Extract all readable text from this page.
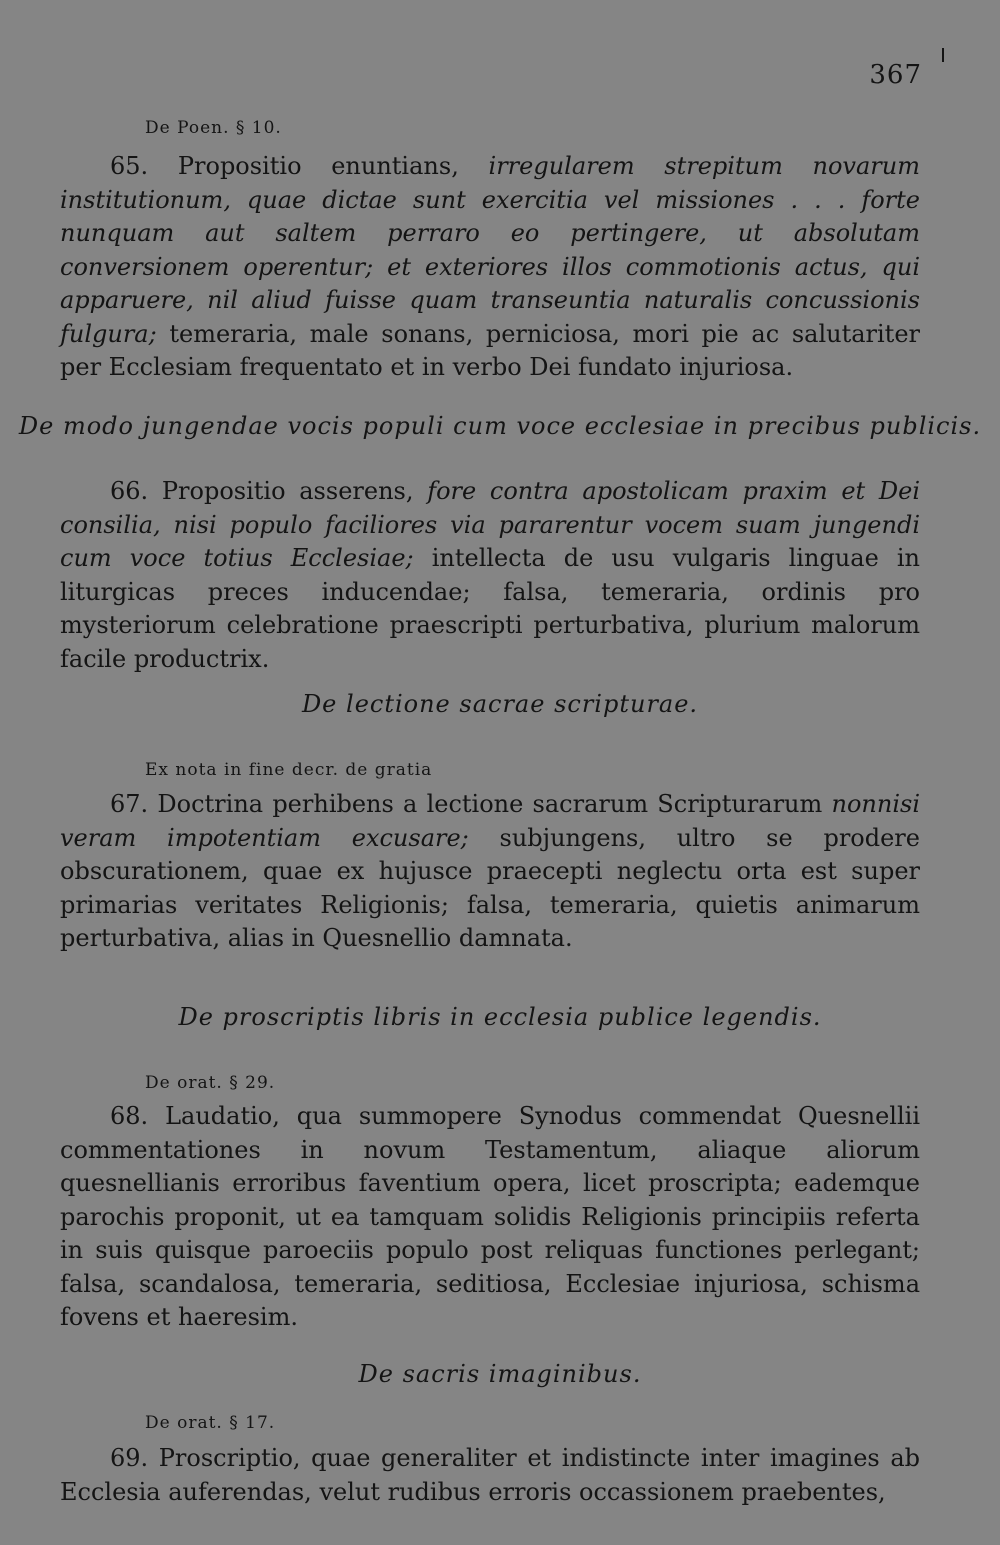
367
De Poen. § 10.

65. Propositio enuntians, irregularem strepitum novarum institutionum, quae dictae sunt exercitia vel missiones . . . forte nunquam aut saltem perraro eo pertingere, ut absolutam conversionem operentur; et exteriores illos commotionis actus, qui apparuere, nil aliud fuisse quam transeuntia naturalis concussionis fulgura; temeraria, male sonans, perniciosa, mori pie ac salutariter per Ecclesiam frequentato et in verbo Dei fundato injuriosa.

De modo jungendae vocis populi cum voce ecclesiae in precibus publicis.

66. Propositio asserens, fore contra apostolicam praxim et Dei consilia, nisi populo faciliores via pararentur vocem suam jungendi cum voce totius Ecclesiae; intellecta de usu vulgaris linguae in liturgicas preces inducendae; falsa, temeraria, ordinis pro mysteriorum celebratione praescripti perturbativa, plurium malorum facile productrix.

De lectione sacrae scripturae.
Ex nota in fine decr. de gratia

67. Doctrina perhibens a lectione sacrarum Scripturarum nonnisi veram impotentiam excusare; subjungens, ultro se prodere obscurationem, quae ex hujusce praecepti neglectu orta est super primarias veritates Religionis; falsa, temeraria, quietis animarum perturbativa, alias in Quesnellio damnata.

De proscriptis libris in ecclesia publice legendis.
De orat. § 29.

68. Laudatio, qua summopere Synodus commendat Quesnellii commentationes in novum Testamentum, aliaque aliorum quesnellianis erroribus faventium opera, licet proscripta; eademque parochis proponit, ut ea tamquam solidis Religionis principiis referta in suis quisque paroeciis populo post reliquas functiones perlegant; falsa, scandalosa, temeraria, seditiosa, Ecclesiae injuriosa, schisma fovens et haeresim.

De sacris imaginibus.
De orat. § 17.

69. Proscriptio, quae generaliter et indistincte inter imagines ab Ecclesia auferendas, velut rudibus erroris occassionem praebentes,
